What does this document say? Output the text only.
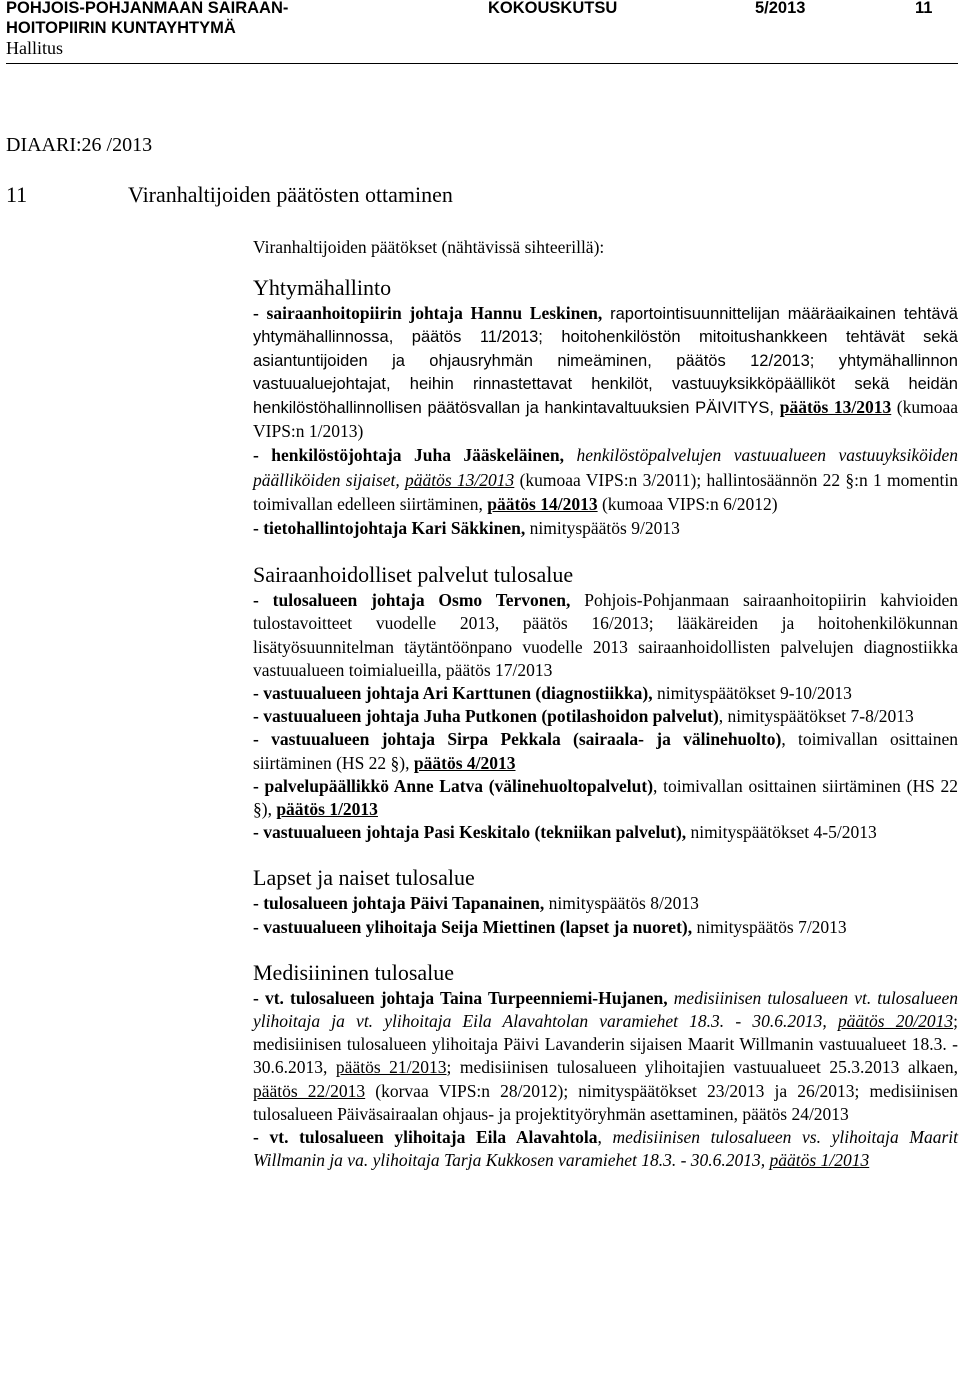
POHJOIS-POHJANMAAN SAIRAAN-
HOITOPIIRIN KUNTAYHTYMÄ
KOKOUSKUTSU	5/2013	11
Hallitus
DIAARI:26 /2013
11	Viranhaltijoiden päätösten ottaminen

Viranhaltijoiden päätökset (nähtävissä sihteerillä):

Yhtymähallinto

- sairaanhoitopiirin johtaja Hannu Leskinen, raportointisuunnittelijan määräaikainen tehtävä yhtymähallinnossa, päätös 11/2013; hoitohenkilöstön mitoitushankkeen tehtävät sekä asiantuntijoiden ja ohjausryhmän nimeäminen, päätös 12/2013; yhtymähallinnon vastuualuejohtajat, heihin rinnastettavat henkilöt, vastuuyksikköpäälliköt sekä heidän henkilöstöhallinnollisen päätösvallan ja hankintavaltuuksien PÄIVITYS, päätös 13/2013 (kumoaa VIPS:n 1/2013)

- henkilöstöjohtaja Juha Jääskeläinen, henkilöstöpalvelujen vastuualueen vastuuyksiköiden päälliköiden sijaiset, päätös 13/2013 (kumoaa VIPS:n 3/2011); hallintosäännön 22 §:n 1 momentin toimivallan edelleen siirtäminen, päätös 14/2013 (kumoaa VIPS:n 6/2012)

- tietohallintojohtaja Kari Säkkinen, nimityspäätös 9/2013

Sairaanhoidolliset palvelut tulosalue

- tulosalueen johtaja Osmo Tervonen, Pohjois-Pohjanmaan sairaanhoitopiirin kahvioiden tulostavoitteet vuodelle 2013, päätös 16/2013; lääkäreiden ja hoitohenkilökunnan lisätyösuunnitelman täytäntöönpano vuodelle 2013 sairaanhoidollisten palvelujen diagnostiikka vastuualueen toimialueilla, päätös 17/2013

- vastuualueen johtaja Ari Karttunen (diagnostiikka), nimityspäätökset 9-10/2013

- vastuualueen johtaja Juha Putkonen (potilashoidon palvelut), nimityspäätökset 7-8/2013

- vastuualueen johtaja Sirpa Pekkala (sairaala- ja välinehuolto), toimivallan osittainen siirtäminen (HS 22 §), päätös 4/2013

- palvelupäällikkö Anne Latva (välinehuoltopalvelut), toimivallan osittainen siirtäminen (HS 22 §), päätös 1/2013

- vastuualueen johtaja Pasi Keskitalo (tekniikan palvelut), nimityspäätökset 4-5/2013

Lapset ja naiset tulosalue

- tulosalueen johtaja Päivi Tapanainen, nimityspäätös 8/2013

- vastuualueen ylihoitaja Seija Miettinen (lapset ja nuoret), nimityspäätös 7/2013

Medisiininen tulosalue

- vt. tulosalueen johtaja Taina Turpeenniemi-Hujanen, medisiinisen tulosalueen vt. tulosalueen ylihoitaja ja vt. ylihoitaja Eila Alavahtolan varamiehet 18.3. - 30.6.2013, päätös 20/2013; medisiinisen tulosalueen ylihoitaja Päivi Lavanderin sijaisen Maarit Willmanin vastuualueet 18.3. - 30.6.2013, päätös 21/2013; medisiinisen tulosalueen ylihoitajien vastuualueet 25.3.2013 alkaen, päätös 22/2013 (korvaa VIPS:n 28/2012); nimityspäätökset 23/2013 ja 26/2013; medisiinisen tulosalueen Päiväsairaalan ohjaus- ja projektityöryhmän asettaminen, päätös 24/2013

- vt. tulosalueen ylihoitaja Eila Alavahtola, medisiinisen tulosalueen vs. ylihoitaja Maarit Willmanin ja va. ylihoitaja Tarja Kukkosen varamiehet 18.3. - 30.6.2013, päätös 1/2013
